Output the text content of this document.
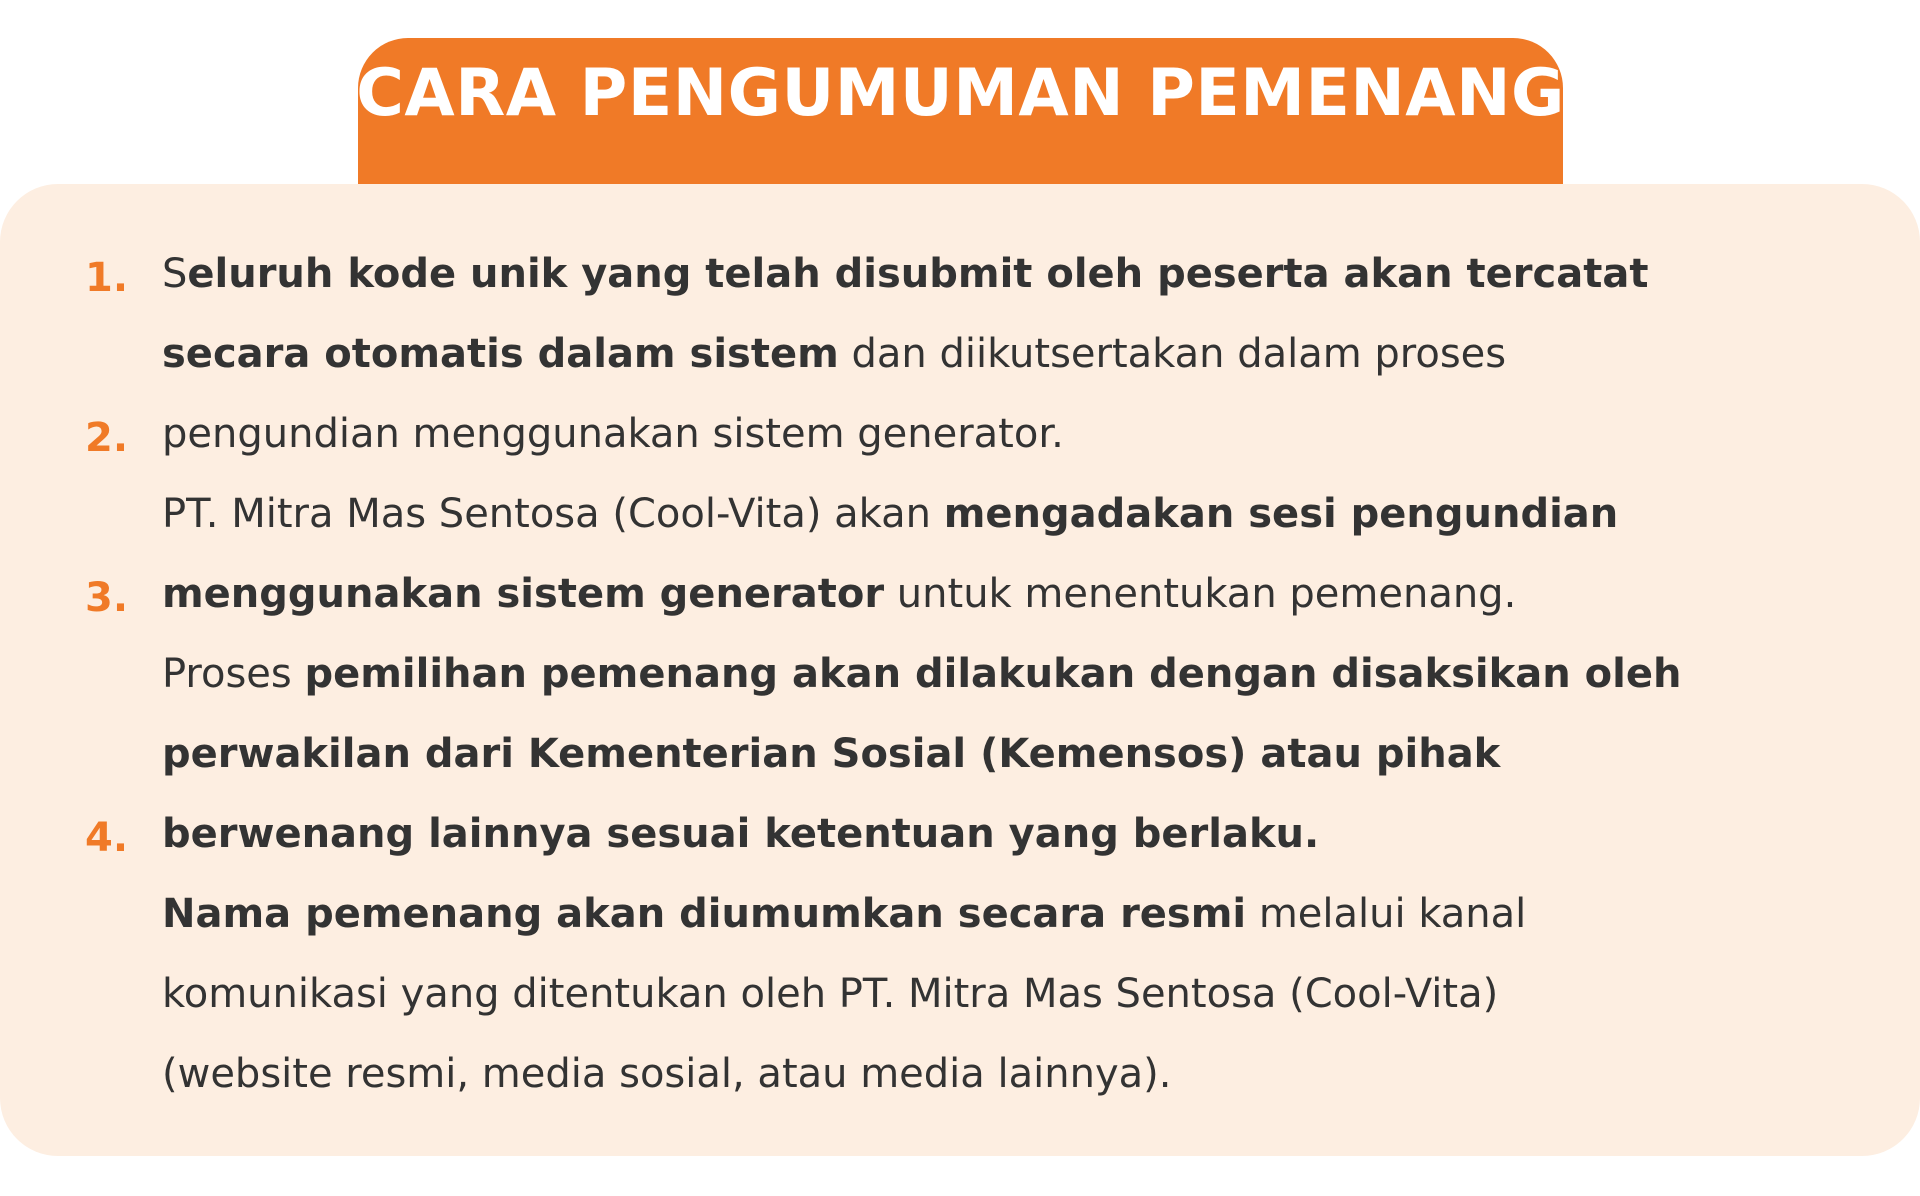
CARA PENGUMUMAN PEMENANG
1.
2.
3.
4.
Seluruh kode unik yang telah disubmit oleh peserta akan tercatat
secara otomatis dalam sistem dan diikutsertakan dalam proses
pengundian menggunakan sistem generator.
PT. Mitra Mas Sentosa (Cool-Vita) akan mengadakan sesi pengundian
menggunakan sistem generator untuk menentukan pemenang.
Proses pemilihan pemenang akan dilakukan dengan disaksikan oleh
perwakilan dari Kementerian Sosial (Kemensos) atau pihak
berwenang lainnya sesuai ketentuan yang berlaku.
Nama pemenang akan diumumkan secara resmi melalui kanal
komunikasi yang ditentukan oleh PT. Mitra Mas Sentosa (Cool-Vita)
(website resmi, media sosial, atau media lainnya).
